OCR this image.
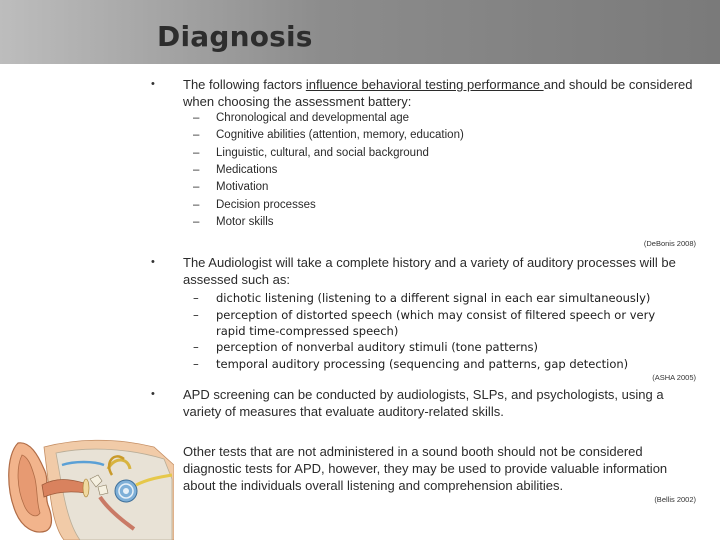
Diagnosis
• The following factors influence behavioral testing performance and should be considered when choosing the assessment battery:
– Chronological and developmental age
– Cognitive abilities (attention, memory, education)
– Linguistic, cultural, and social background
– Medications
– Motivation
– Decision processes
– Motor skills
(DeBonis 2008)
• The Audiologist will take a complete history and a variety of auditory processes will be assessed such as:
– dichotic listening (listening to a different signal in each ear simultaneously)
– perception of distorted speech (which may consist of filtered speech or very rapid time-compressed speech)
– perception of nonverbal auditory stimuli (tone patterns)
– temporal auditory processing (sequencing and patterns, gap detection)
(ASHA 2005)
• APD screening can be conducted by audiologists, SLPs, and psychologists, using a variety of measures that evaluate auditory-related skills.
Other tests that are not administered in a sound booth should not be considered diagnostic tests for APD, however, they may be used to provide valuable information about the individuals overall listening and comprehension abilities.
(Bellis 2002)
